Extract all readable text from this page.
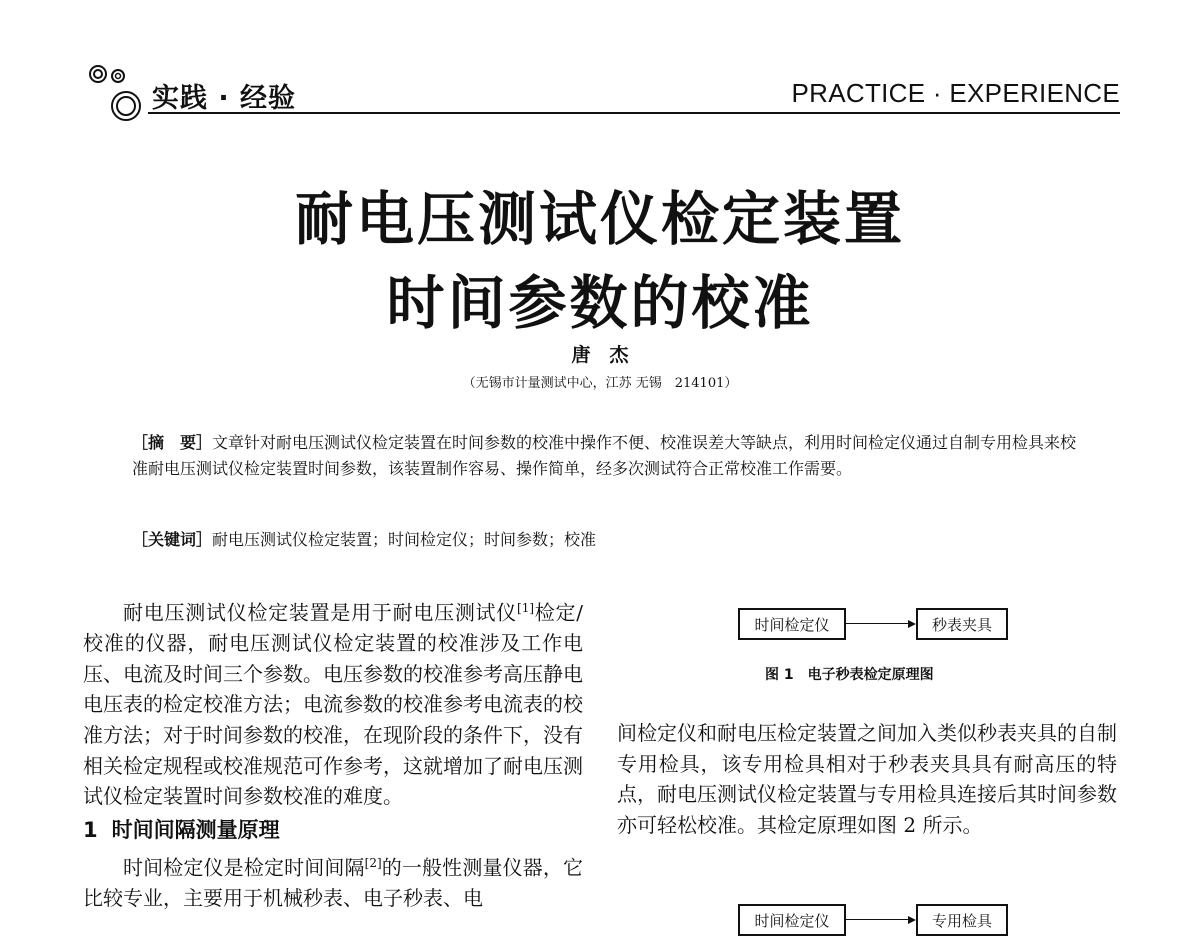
实践 · 经验	PRACTICE · EXPERIENCE
耐电压测试仪检定装置
时间参数的校准
唐　杰
（无锡市计量测试中心，江苏 无锡　214101）
［摘　要］文章针对耐电压测试仪检定装置在时间参数的校准中操作不便、校准误差大等缺点，利用时间检定仪通过自制专用检具来校准耐电压测试仪检定装置时间参数，该装置制作容易、操作简单，经多次测试符合正常校准工作需要。
［关键词］耐电压测试仪检定装置；时间检定仪；时间参数；校准

耐电压测试仪检定装置是用于耐电压测试仪[1]检定/校准的仪器，耐电压测试仪检定装置的校准涉及工作电压、电流及时间三个参数。电压参数的校准参考高压静电电压表的检定校准方法；电流参数的校准参考电流表的校准方法；对于时间参数的校准，在现阶段的条件下，没有相关检定规程或校准规范可作参考，这就增加了耐电压测试仪检定装置时间参数校准的难度。

1 时间间隔测量原理

时间检定仪是检定时间间隔[2]的一般性测量仪器，它比较专业，主要用于机械秒表、电子秒表、电

时间检定仪	秒表夹具
图 1　电子秒表检定原理图

间检定仪和耐电压检定装置之间加入类似秒表夹具的自制专用检具，该专用检具相对于秒表夹具具有耐高压的特点，耐电压测试仪检定装置与专用检具连接后其时间参数亦可轻松校准。其检定原理如图 2 所示。

时间检定仪	专用检具
